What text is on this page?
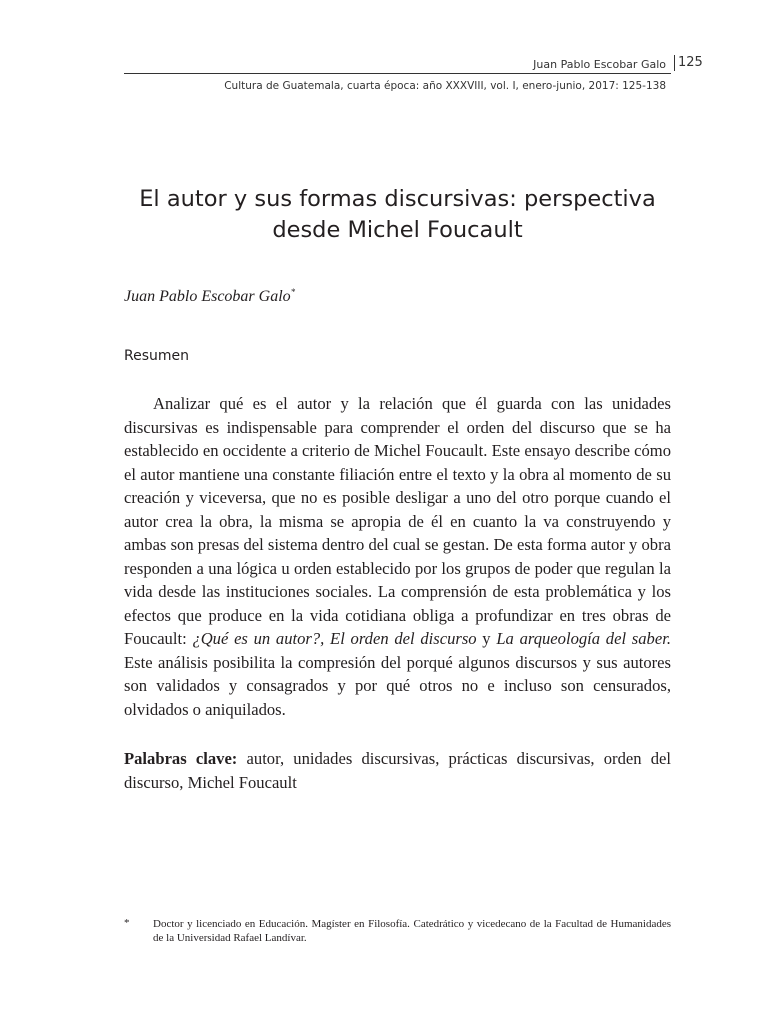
Juan Pablo Escobar Galo 125
Cultura de Guatemala, cuarta época: año XXXVIII, vol. I, enero-junio, 2017: 125-138
El autor y sus formas discursivas: perspectiva
desde Michel Foucault
Juan Pablo Escobar Galo*
Resumen

Analizar qué es el autor y la relación que él guarda con las unidades discursivas es indispensable para comprender el orden del discurso que se ha establecido en occidente a criterio de Michel Foucault. Este ensayo describe cómo el autor mantiene una constante filiación entre el texto y la obra al momento de su creación y viceversa, que no es posible desligar a uno del otro porque cuando el autor crea la obra, la misma se apropia de él en cuanto la va construyendo y ambas son presas del sistema dentro del cual se gestan. De esta forma autor y obra responden a una lógica u orden establecido por los grupos de poder que regulan la vida desde las instituciones sociales. La comprensión de esta problemática y los efectos que produce en la vida cotidiana obliga a profundizar en tres obras de Foucault: ¿Qué es un autor?, El orden del discurso y La arqueología del saber. Este análisis posibilita la compresión del porqué algunos discursos y sus autores son validados y consagrados y por qué otros no e incluso son censurados, olvidados o aniquilados.

Palabras clave: autor, unidades discursivas, prácticas discursivas, orden del discurso, Michel Foucault

* Doctor y licenciado en Educación. Magíster en Filosofía. Catedrático y vicedecano de la Facultad de Humanidades de la Universidad Rafael Landívar.
